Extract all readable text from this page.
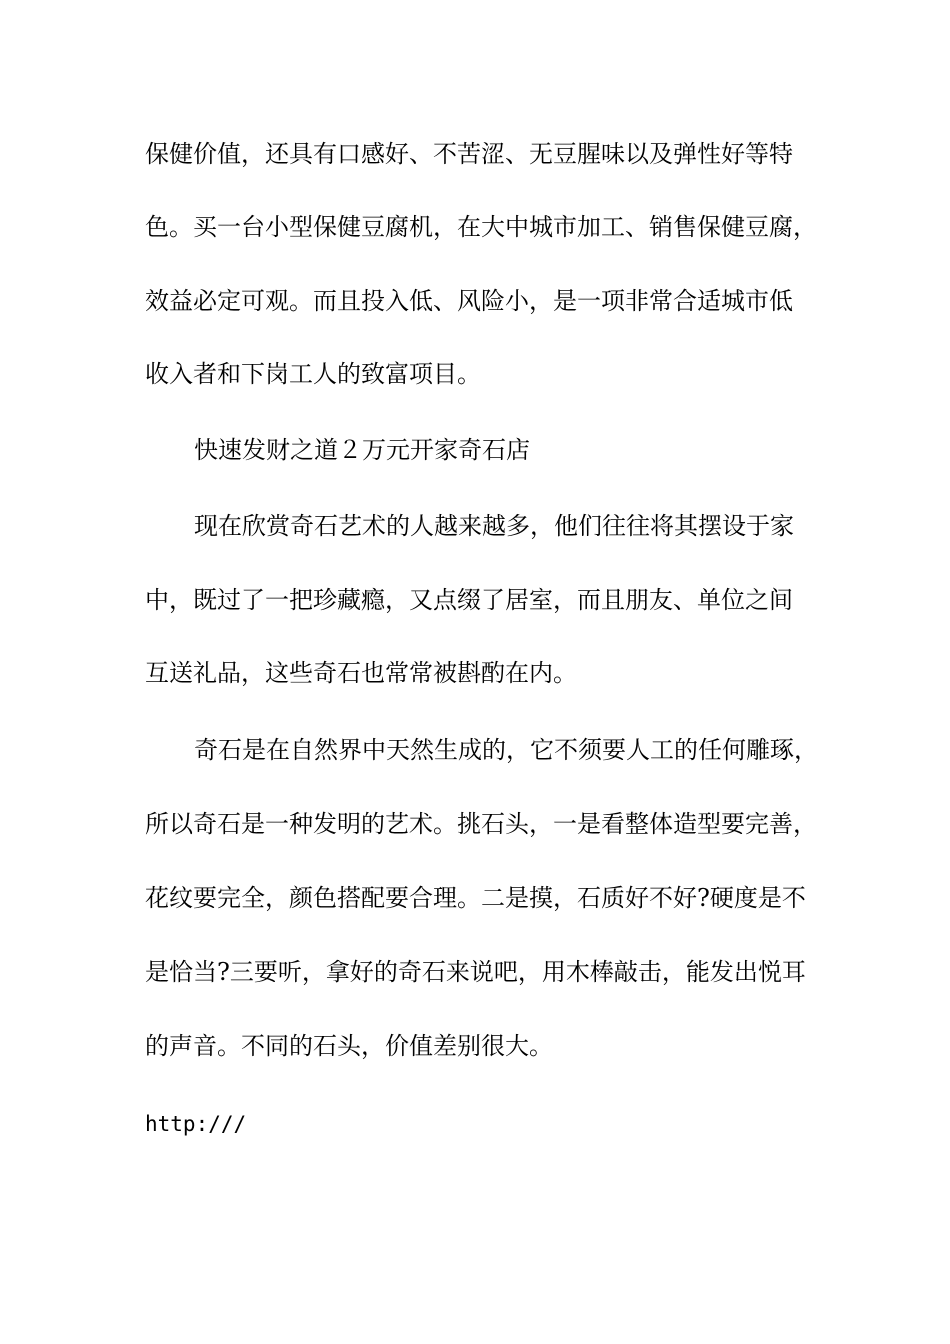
保健价值，还具有口感好、不苦涩、无豆腥味以及弹性好等特
色。买一台小型保健豆腐机，在大中城市加工、销售保健豆腐，
效益必定可观。而且投入低、风险小，是一项非常合适城市低
收入者和下岗工人的致富项目。
快速发财之道２万元开家奇石店
现在欣赏奇石艺术的人越来越多，他们往往将其摆设于家
中，既过了一把珍藏瘾，又点缀了居室，而且朋友、单位之间
互送礼品，这些奇石也常常被斟酌在内。
奇石是在自然界中天然生成的，它不须要人工的任何雕琢，
所以奇石是一种发明的艺术。挑石头，一是看整体造型要完善，
花纹要完全，颜色搭配要合理。二是摸，石质好不好?硬度是不
是恰当?三要听，拿好的奇石来说吧，用木棒敲击，能发出悦耳
的声音。不同的石头，价值差别很大。
http:///
